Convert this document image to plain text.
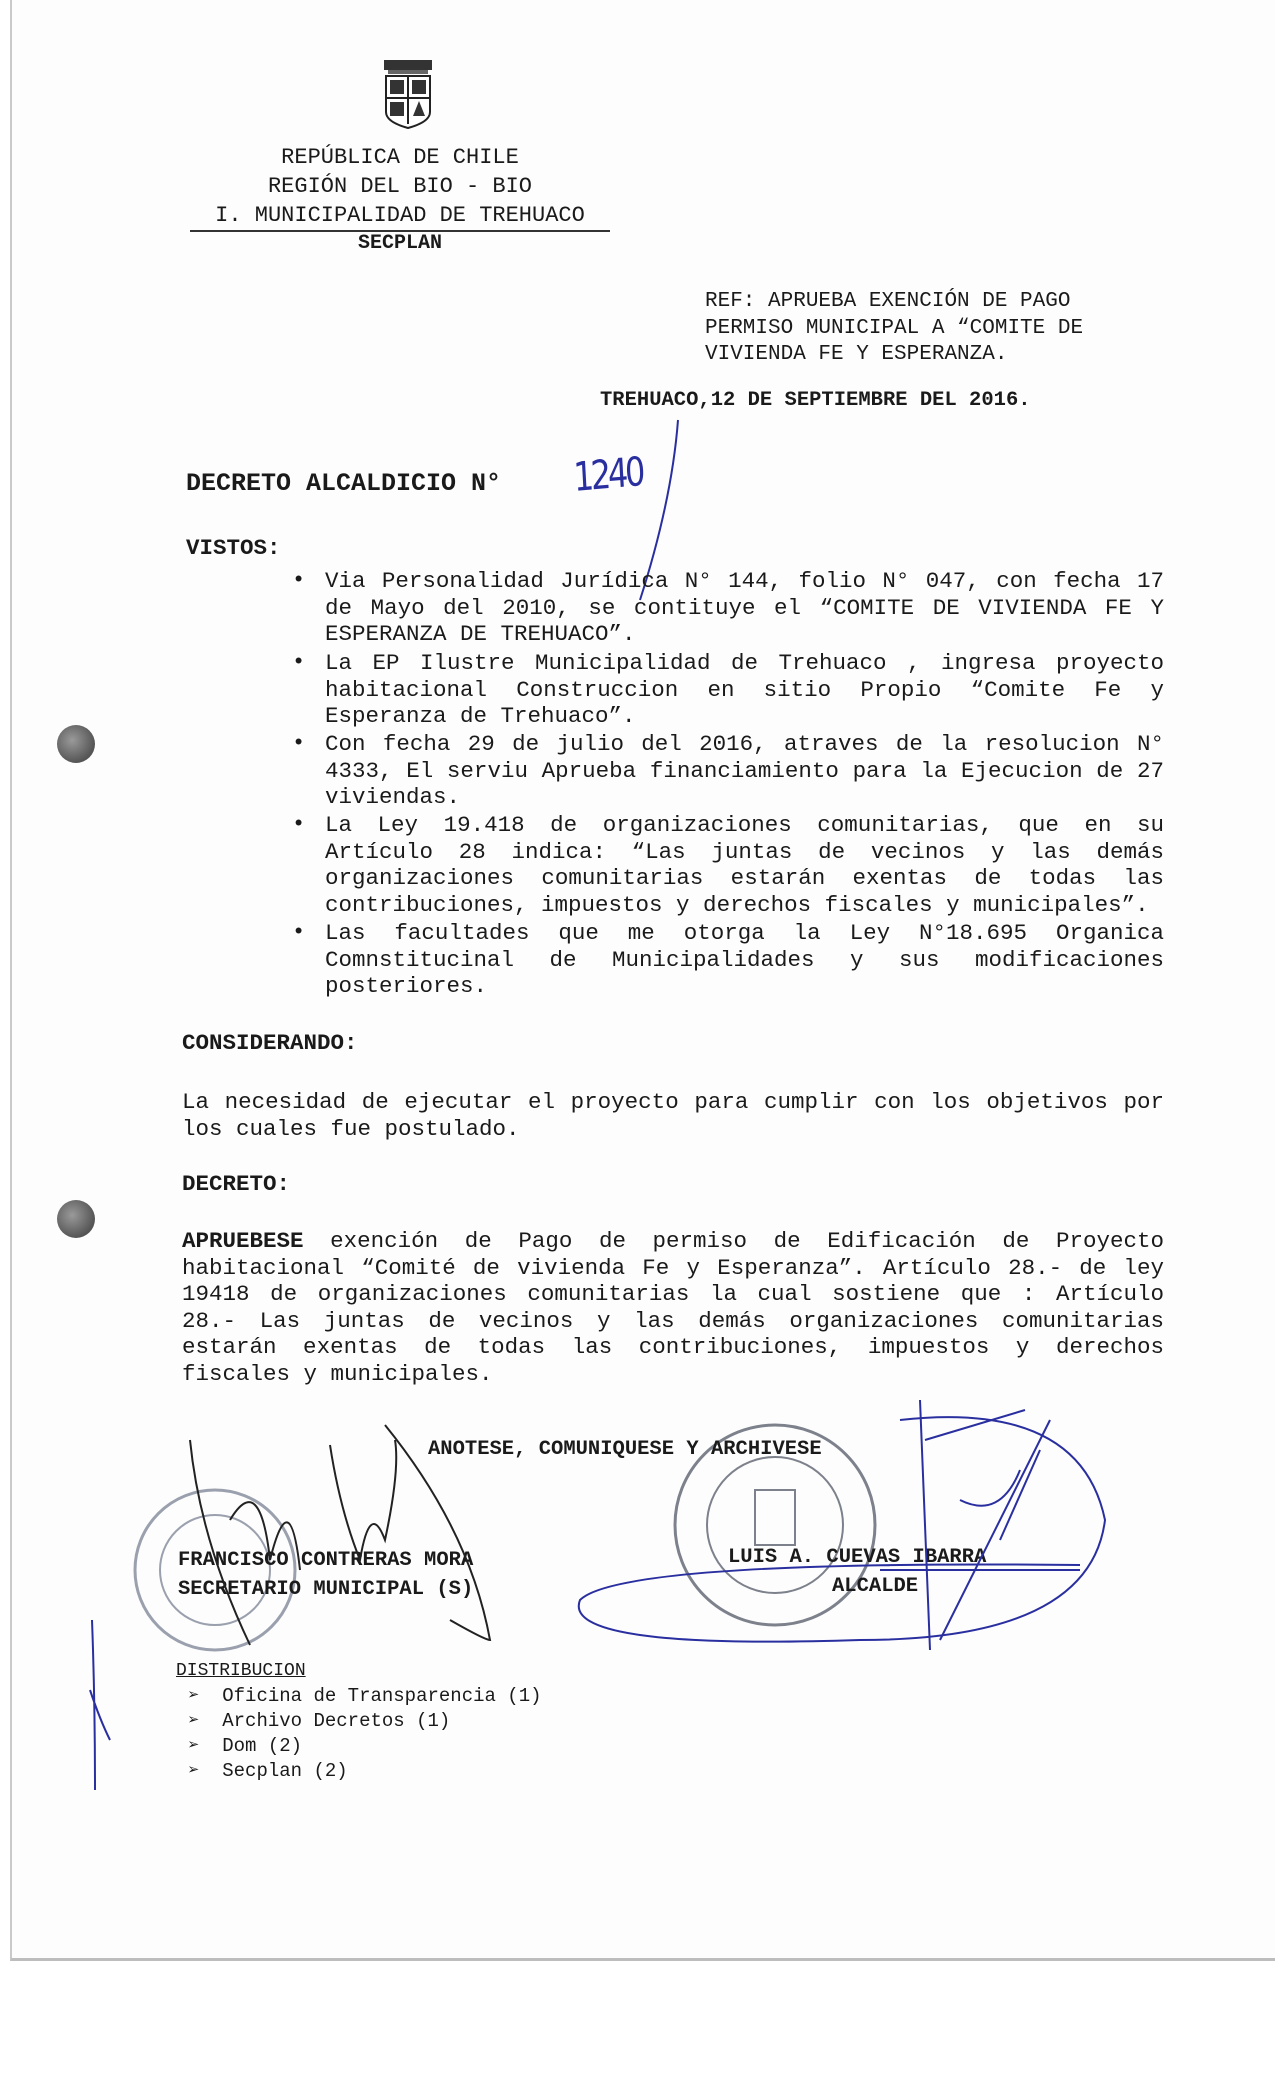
REPÚBLICA DE CHILE
REGIÓN DEL BIO - BIO
I. MUNICIPALIDAD DE TREHUACO
SECPLAN
REF: APRUEBA EXENCIÓN DE PAGO
PERMISO MUNICIPAL A “COMITE DE
VIVIENDA FE Y ESPERANZA.
TREHUACO,12 DE SEPTIEMBRE DEL 2016.
DECRETO ALCALDICIO N° 1240
VISTOS:
• Via Personalidad Jurídica N° 144, folio N° 047, con fecha 17 de Mayo del 2010, se contituye el “COMITE DE VIVIENDA FE Y ESPERANZA DE TREHUACO”.
• La EP Ilustre Municipalidad de Trehuaco , ingresa proyecto habitacional Construccion en sitio Propio “Comite Fe y Esperanza de Trehuaco”.
• Con fecha 29 de julio del 2016, atraves de la resolucion N° 4333, El serviu Aprueba financiamiento para la Ejecucion de 27 viviendas.
• La Ley 19.418 de organizaciones comunitarias, que en su Artículo 28 indica: “Las juntas de vecinos y las demás organizaciones comunitarias estarán exentas de todas las contribuciones, impuestos y derechos fiscales y municipales”.
• Las facultades que me otorga la Ley N°18.695 Organica Comnstitucinal de Municipalidades y sus modificaciones posteriores.
CONSIDERANDO:
La necesidad de ejecutar el proyecto para cumplir con los objetivos por los cuales fue postulado.
DECRETO:
APRUEBESE exención de Pago de permiso de Edificación de Proyecto habitacional “Comité de vivienda Fe y Esperanza”. Artículo 28.- de ley 19418 de organizaciones comunitarias la cual sostiene que : Artículo 28.- Las juntas de vecinos y las demás organizaciones comunitarias estarán exentas de todas las contribuciones, impuestos y derechos fiscales y municipales.
ANOTESE, COMUNIQUESE Y ARCHIVESE
FRANCISCO CONTRERAS MORA
SECRETARIO MUNICIPAL (S)
LUIS A. CUEVAS IBARRA
ALCALDE
DISTRIBUCION
➢  Oficina de Transparencia (1)
➢  Archivo Decretos (1)
➢  Dom (2)
➢  Secplan (2)
